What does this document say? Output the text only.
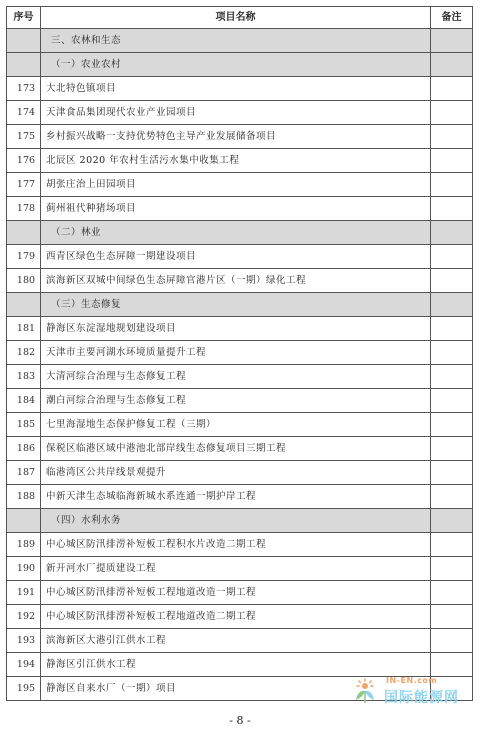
序号	项目名称	备注
	三、农林和生态	
	（一）农业农村	
173	大北特色镇项目	
174	天津食品集团现代农业产业园项目	
175	乡村振兴战略一支持优势特色主导产业发展储备项目	
176	北辰区 2020 年农村生活污水集中收集工程	
177	胡张庄治上田园项目	
178	蓟州祖代种猪场项目	
	（二）林业	
179	西青区绿色生态屏障一期建设项目	
180	滨海新区双城中间绿色生态屏障官港片区（一期）绿化工程	
	（三）生态修复	
181	静海区东淀湿地规划建设项目	
182	天津市主要河湖水环境质量提升工程	
183	大清河综合治理与生态修复工程	
184	潮白河综合治理与生态修复工程	
185	七里海湿地生态保护修复工程（三期）	
186	保税区临港区域中港池北部岸线生态修复项目三期工程	
187	临港湾区公共岸线景观提升	
188	中新天津生态城临海新城水系连通一期护岸工程	
	（四）水利水务	
189	中心城区防汛排涝补短板工程积水片改造二期工程	
190	新开河水厂提质建设工程	
191	中心城区防汛排涝补短板工程地道改造一期工程	
192	中心城区防汛排涝补短板工程地道改造二期工程	
193	滨海新区大港引江供水工程	
194	静海区引江供水工程	
195	静海区自来水厂（一期）项目	
IN-EN.com
国际能源网
- 8 -
